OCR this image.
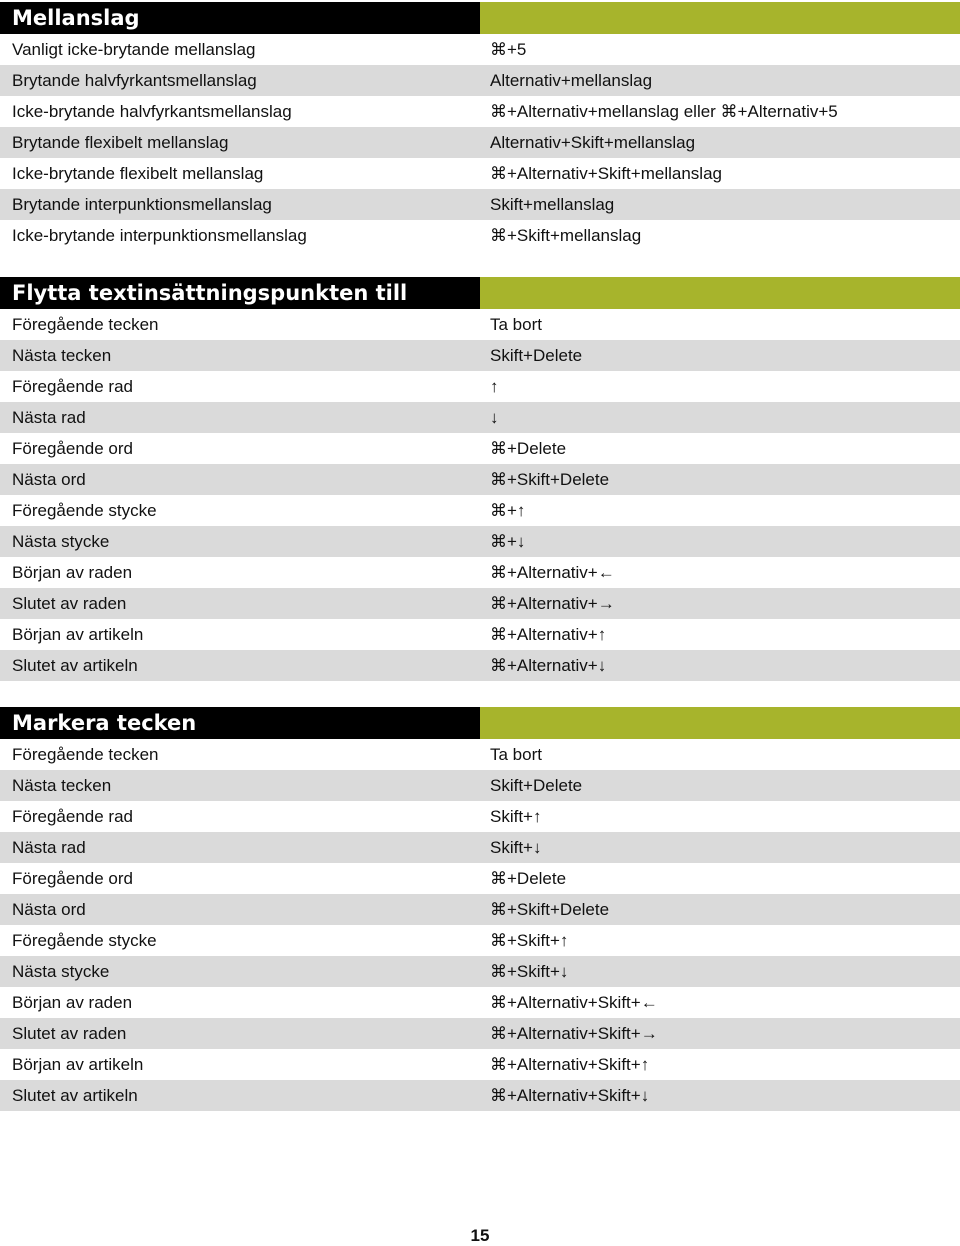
Mellanslag
Vanligt icke-brytande mellanslag	⌘+5
Brytande halvfyrkantsmellanslag	Alternativ+mellanslag
Icke-brytande halvfyrkantsmellanslag	⌘+Alternativ+mellanslag eller ⌘+Alternativ+5
Brytande flexibelt mellanslag	Alternativ+Skift+mellanslag
Icke-brytande flexibelt mellanslag	⌘+Alternativ+Skift+mellanslag
Brytande interpunktionsmellanslag	Skift+mellanslag
Icke-brytande interpunktionsmellanslag	⌘+Skift+mellanslag
Flytta textinsättningspunkten till
Föregående tecken	Ta bort
Nästa tecken	Skift+Delete
Föregående rad	↑
Nästa rad	↓
Föregående ord	⌘+Delete
Nästa ord	⌘+Skift+Delete
Föregående stycke	⌘+↑
Nästa stycke	⌘+↓
Början av raden	⌘+Alternativ+←
Slutet av raden	⌘+Alternativ+→
Början av artikeln	⌘+Alternativ+↑
Slutet av artikeln	⌘+Alternativ+↓
Markera tecken
Föregående tecken	Ta bort
Nästa tecken	Skift+Delete
Föregående rad	Skift+↑
Nästa rad	Skift+↓
Föregående ord	⌘+Delete
Nästa ord	⌘+Skift+Delete
Föregående stycke	⌘+Skift+↑
Nästa stycke	⌘+Skift+↓
Början av raden	⌘+Alternativ+Skift+←
Slutet av raden	⌘+Alternativ+Skift+→
Början av artikeln	⌘+Alternativ+Skift+↑
Slutet av artikeln	⌘+Alternativ+Skift+↓
15
